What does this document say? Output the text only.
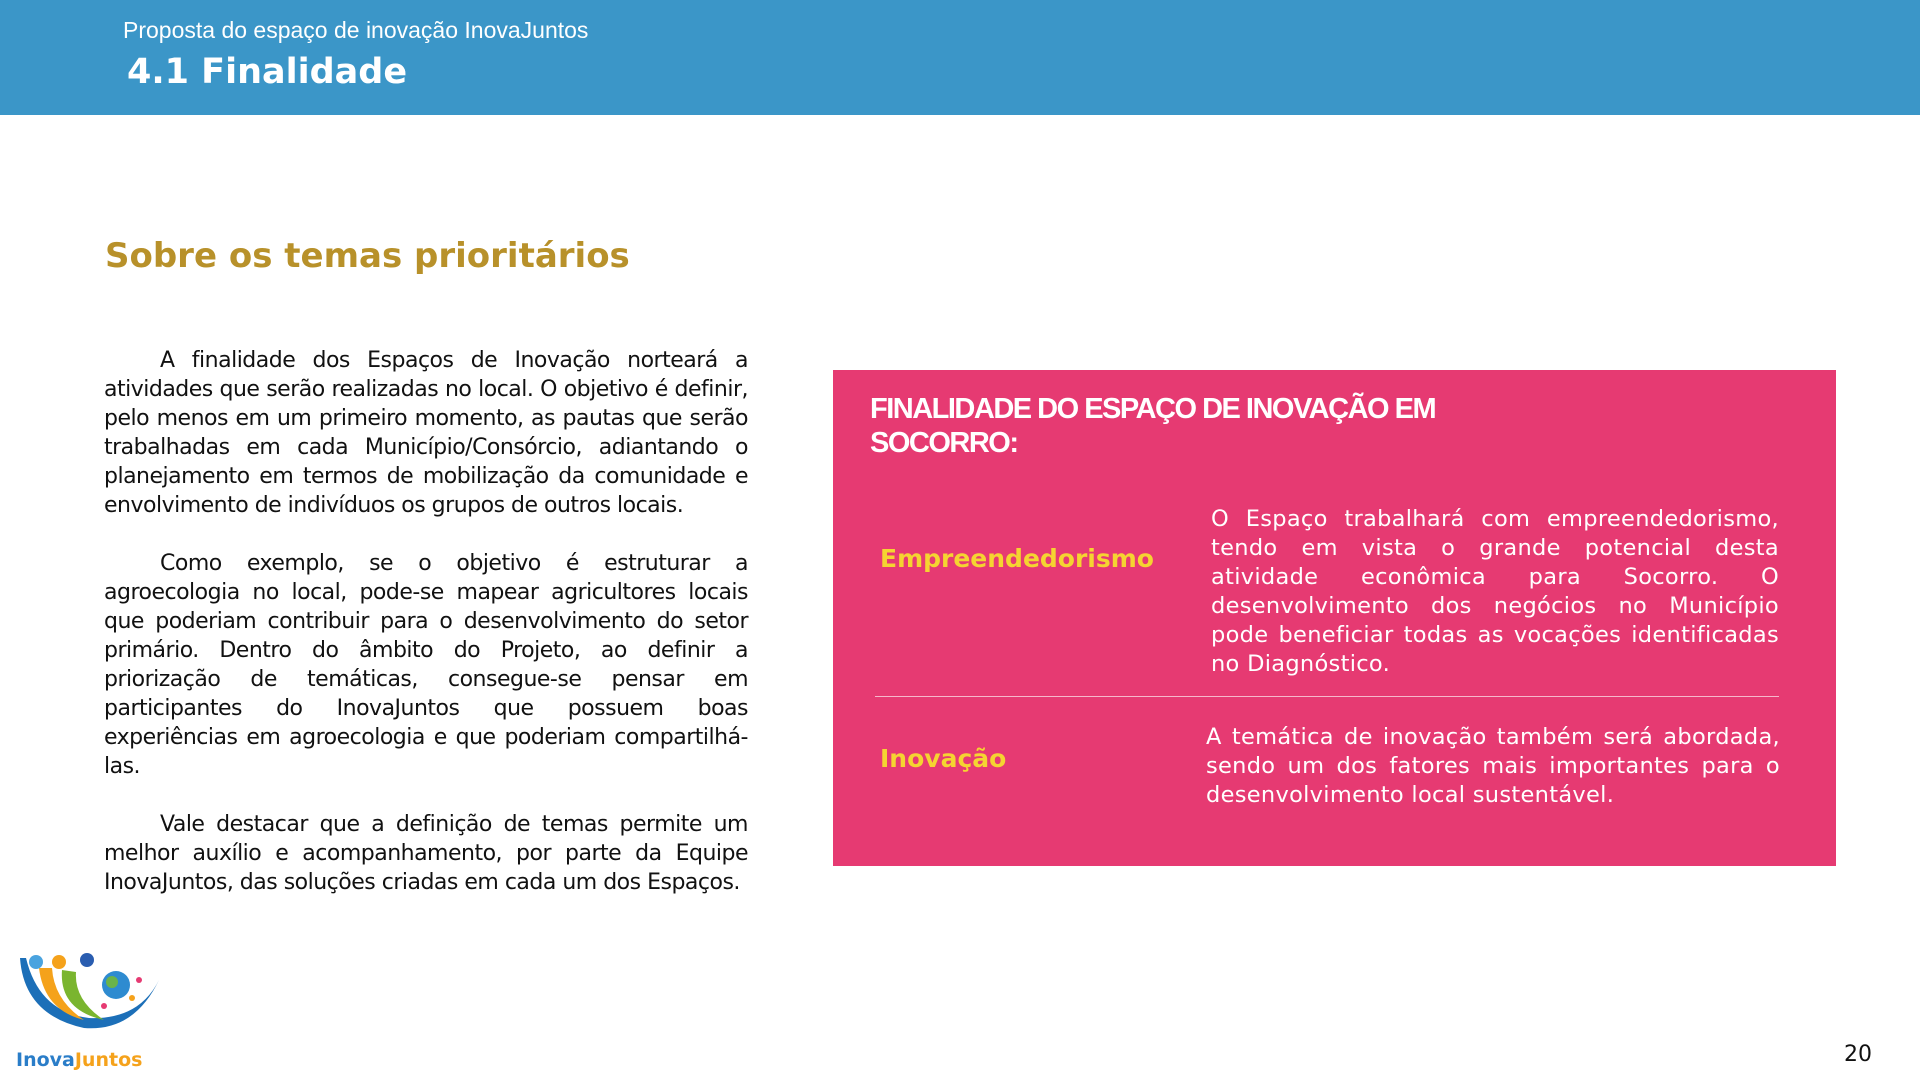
Proposta do espaço de inovação InovaJuntos
4.1 Finalidade
Sobre os temas prioritários

A finalidade dos Espaços de Inovação norteará a atividades que serão realizadas no local. O objetivo é definir, pelo menos em um primeiro momento, as pautas que serão trabalhadas em cada Município/Consórcio, adiantando o planejamento em termos de mobilização da comunidade e envolvimento de indivíduos os grupos de outros locais.

Como exemplo, se o objetivo é estruturar a agroecologia no local, pode-se mapear agricultores locais que poderiam contribuir para o desenvolvimento do setor primário. Dentro do âmbito do Projeto, ao definir a priorização de temáticas, consegue-se pensar em participantes do InovaJuntos que possuem boas experiências em agroecologia e que poderiam compartilhá-las.

Vale destacar que a definição de temas permite um melhor auxílio e acompanhamento, por parte da Equipe InovaJuntos, das soluções criadas em cada um dos Espaços.

FINALIDADE DO ESPAÇO DE INOVAÇÃO EM SOCORRO:
Empreendedorismo
O Espaço trabalhará com empreendedorismo, tendo em vista o grande potencial desta atividade econômica para Socorro. O desenvolvimento dos negócios no Município pode beneficiar todas as vocações identificadas no Diagnóstico.
Inovação
A temática de inovação também será abordada, sendo um dos fatores mais importantes para o desenvolvimento local sustentável.
InovaJuntos	20
